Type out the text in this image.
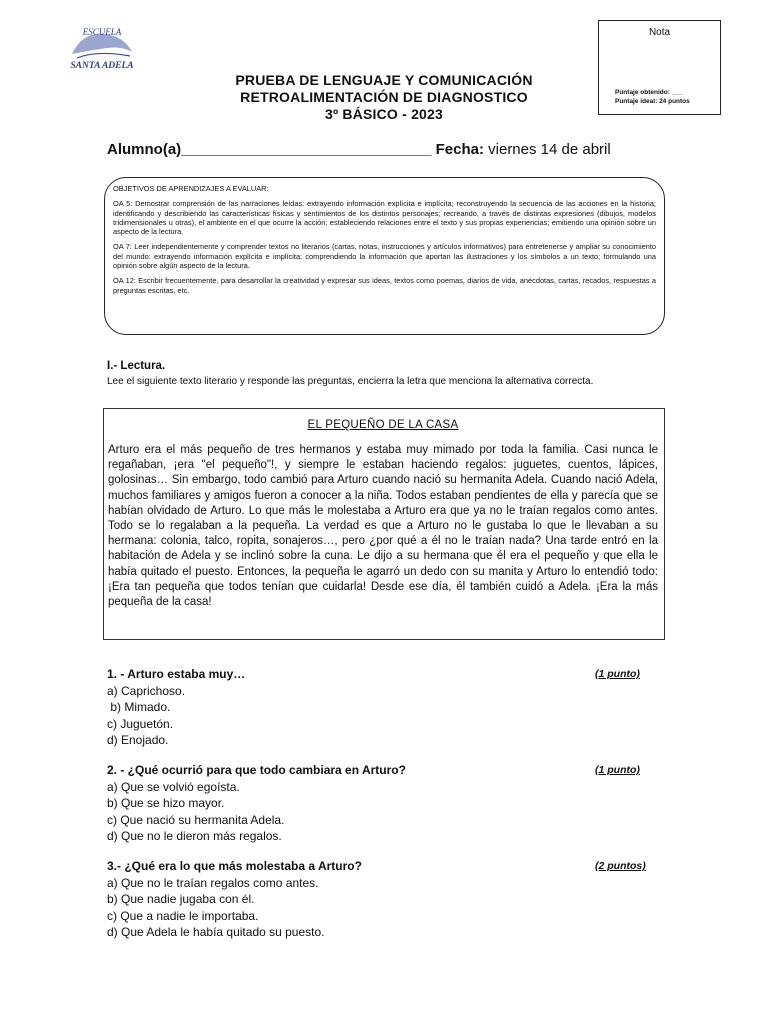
ESCUELA
SANTA ADELA
Nota
Puntaje obtenido: ___
Puntaje ideal: 24 puntos
PRUEBA DE LENGUAJE Y COMUNICACIÓN
RETROALIMENTACIÓN DE DIAGNOSTICO
3º BÁSICO - 2023
Alumno(a)______________________________ Fecha: viernes 14 de abril

OBJETIVOS DE APRENDIZAJES A EVALUAR:

OA 5: Demostrar comprensión de las narraciones leídas: extrayendo información explícita e implícita; reconstruyendo la secuencia de las acciones en la historia; identificando y describiendo las características físicas y sentimientos de los distintos personajes; recreando, a través de distintas expresiones (dibujos, modelos tridimensionales u otras), el ambiente en el que ocurre la acción; estableciendo relaciones entre el texto y sus propias experiencias; emitiendo una opinión sobre un aspecto de la lectura.

OA 7: Leer independientemente y comprender textos no literarios (cartas, notas, instrucciones y artículos informativos) para entretenerse y ampliar su conocimiento del mundo: extrayendo información explícita e implícita; comprendiendo la información que aportan las ilustraciones y los símbolos a un texto; formulando una opinión sobre algún aspecto de la lectura.

OA 12: Escribir frecuentemente, para desarrollar la creatividad y expresar sus ideas, textos como poemas, diarios de vida, anécdotas, cartas, recados, respuestas a preguntas escritas, etc.

I.- Lectura.
Lee el siguiente texto literario y responde las preguntas, encierra la letra que menciona la alternativa correcta.
EL PEQUEÑO DE LA CASA
Arturo era el más pequeño de tres hermanos y estaba muy mimado por toda la familia. Casi nunca le regañaban, ¡era "el pequeño"!, y siempre le estaban haciendo regalos: juguetes, cuentos, lápices, golosinas… Sin embargo, todo cambió para Arturo cuando nació su hermanita Adela. Cuando nació Adela, muchos familiares y amigos fueron a conocer a la niña. Todos estaban pendientes de ella y parecía que se habían olvidado de Arturo. Lo que más le molestaba a Arturo era que ya no le traían regalos como antes. Todo se lo regalaban a la pequeña. La verdad es que a Arturo no le gustaba lo que le llevaban a su hermana: colonia, talco, ropita, sonajeros…, pero ¿por qué a él no le traían nada? Una tarde entró en la habitación de Adela y se inclinó sobre la cuna. Le dijo a su hermana que él era el pequeño y que ella le había quitado el puesto. Entonces, la pequeña le agarró un dedo con su manita y Arturo lo entendió todo: ¡Era tan pequeña que todos tenían que cuidarla! Desde ese día, él también cuidó a Adela. ¡Era la más pequeña de la casa!
1. - Arturo estaba muy…	(1 punto)
a) Caprichoso.
b) Mimado.
c) Juguetón.
d) Enojado.
2. - ¿Qué ocurrió para que todo cambiara en Arturo?	(1 punto)
a) Que se volvió egoísta.
b) Que se hizo mayor.
c) Que nació su hermanita Adela.
d) Que no le dieron más regalos.
3.- ¿Qué era lo que más molestaba a Arturo?	(2 puntos)
a) Que no le traían regalos como antes.
b) Que nadie jugaba con él.
c) Que a nadie le importaba.
d) Que Adela le había quitado su puesto.
